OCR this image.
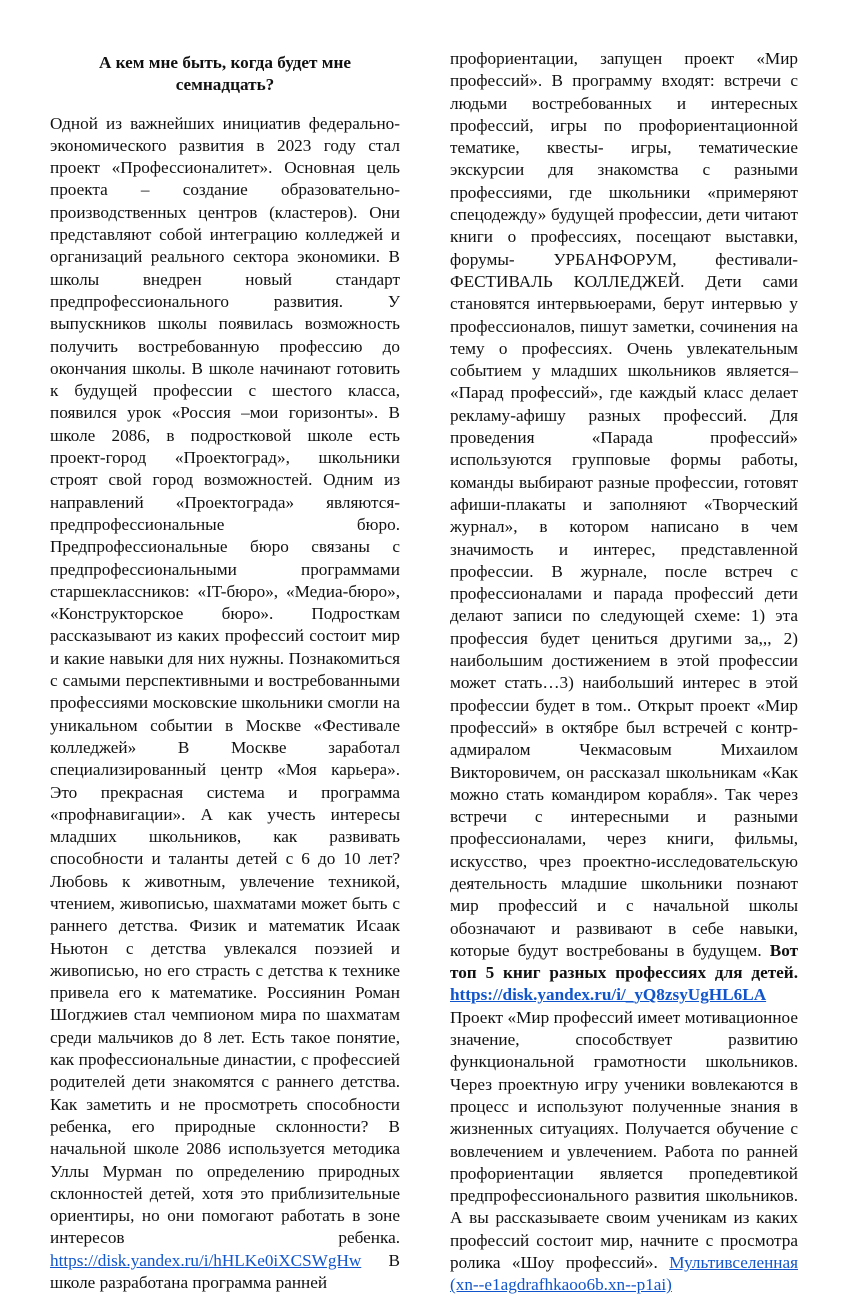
А кем мне быть, когда будет мне семнадцать?

Одной из важнейших инициатив федерально-экономического развития в 2023 году стал проект «Профессионалитет». Основная цель проекта – создание образовательно-производственных центров (кластеров). Они представляют собой интеграцию колледжей и организаций реального сектора экономики. В школы внедрен новый стандарт предпрофессионального развития. У выпускников школы появилась возможность получить востребованную профессию до окончания школы. В школе начинают готовить к будущей профессии с шестого класса, появился урок «Россия –мои горизонты». В школе 2086, в подростковой школе есть проект-город «Проектоград», школьники строят свой город возможностей. Одним из направлений «Проектограда» являются- предпрофессиональные бюро. Предпрофессиональные бюро связаны с предпрофессиональными программами старшеклассников: «IT-бюро», «Медиа-бюро», «Конструкторское бюро». Подросткам рассказывают из каких профессий состоит мир и какие навыки для них нужны. Познакомиться с самыми перспективными и востребованными профессиями московские школьники смогли на уникальном событии в Москве «Фестивале колледжей» В Москве заработал специализированный центр «Моя карьера». Это прекрасная система и программа «профнавигации». А как учесть интересы младших школьников, как развивать способности и таланты детей с 6 до 10 лет? Любовь к животным, увлечение техникой, чтением, живописью, шахматами может быть с раннего детства. Физик и математик Исаак Ньютон с детства увлекался поэзией и живописью, но его страсть с детства к технике привела его к математике. Россиянин Роман Шогджиев стал чемпионом мира по шахматам среди мальчиков до 8 лет. Есть такое понятие, как профессиональные династии, с профессией родителей дети знакомятся с раннего детства. Как заметить и не просмотреть способности ребенка, его природные склонности? В начальной школе 2086 используется методика Уллы Мурман по определению природных склонностей детей, хотя это приблизительные ориентиры, но они помогают работать в зоне интересов ребенка. https://disk.yandex.ru/i/hHLKe0iXCSWgHw В школе разработана программа ранней

профориентации, запущен проект «Мир профессий». В программу входят: встречи с людьми востребованных и интересных профессий, игры по профориентационной тематике, квесты- игры, тематические экскурсии для знакомства с разными профессиями, где школьники «примеряют спецодежду» будущей профессии, дети читают книги о профессиях, посещают выставки, форумы- УРБАНФОРУМ, фестивали- ФЕСТИВАЛЬ КОЛЛЕДЖЕЙ. Дети сами становятся интервьюерами, берут интервью у профессионалов, пишут заметки, сочинения на тему о профессиях. Очень увлекательным событием у младших школьников является– «Парад профессий», где каждый класс делает рекламу-афишу разных профессий. Для проведения «Парада профессий» используются групповые формы работы, команды выбирают разные профессии, готовят афиши-плакаты и заполняют «Творческий журнал», в котором написано в чем значимость и интерес, представленной профессии. В журнале, после встреч с профессионалами и парада профессий дети делают записи по следующей схеме: 1) эта профессия будет цениться другими за,,, 2) наибольшим достижением в этой профессии может стать…3) наибольший интерес в этой профессии будет в том.. Открыт проект «Мир профессий» в октябре был встречей с контр-адмиралом Чекмасовым Михаилом Викторовичем, он рассказал школьникам «Как можно стать командиром корабля». Так через встречи с интересными и разными профессионалами, через книги, фильмы, искусство, чрез проектно-исследовательскую деятельность младшие школьники познают мир профессий и с начальной школы обозначают и развивают в себе навыки, которые будут востребованы в будущем. Вот топ 5 книг разных профессиях для детей. https://disk.yandex.ru/i/_yQ8zsyUgHL6LA

Проект «Мир профессий имеет мотивационное значение, способствует развитию функциональной грамотности школьников. Через проектную игру ученики вовлекаются в процесс и используют полученные знания в жизненных ситуациях. Получается обучение с вовлечением и увлечением. Работа по ранней профориентации является пропедевтикой предпрофессионального развития школьников. А вы рассказываете своим ученикам из каких профессий состоит мир, начните с просмотра ролика «Шоу профессий». Мультивселенная (xn--e1agdrafhkaoo6b.xn--p1ai)
